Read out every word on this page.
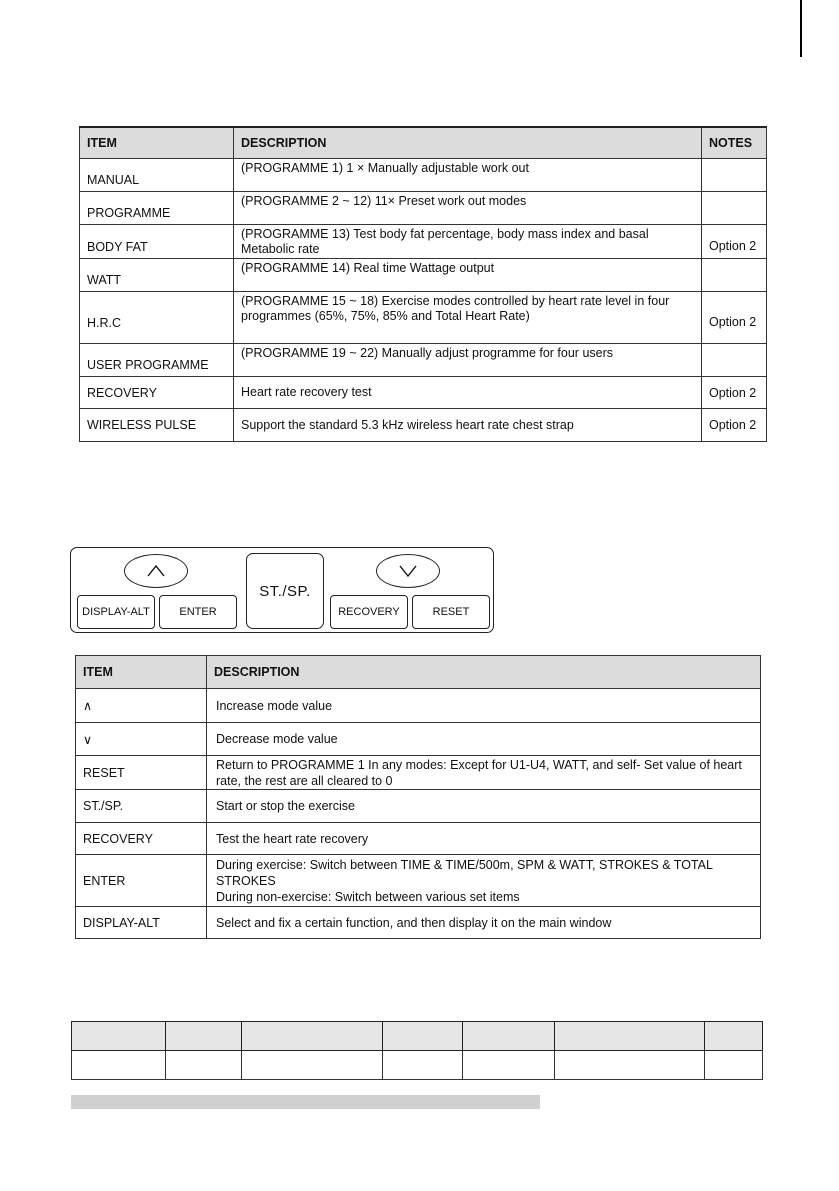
ITEM	DESCRIPTION	NOTES
MANUAL	(PROGRAMME 1) 1 × Manually adjustable work out	
PROGRAMME	(PROGRAMME 2 ~ 12) 11× Preset work out modes	
BODY FAT	(PROGRAMME 13) Test body fat percentage, body mass index and basal Metabolic rate	Option 2
WATT	(PROGRAMME 14) Real time Wattage output	
H.R.C	(PROGRAMME 15 ~ 18) Exercise modes controlled by heart rate level in four programmes (65%, 75%, 85% and Total Heart Rate)	Option 2
USER PROGRAMME	(PROGRAMME 19 ~ 22) Manually adjust programme for four users	
RECOVERY	Heart rate recovery test	Option 2
WIRELESS PULSE	Support the standard 5.3 kHz wireless heart rate chest strap	Option 2
DISPLAY-ALT	ENTER
ST./SP.
RECOVERY	RESET
ITEM	DESCRIPTION
∧	Increase mode value
∨	Decrease mode value
RESET	Return to PROGRAMME 1 In any modes: Except for U1-U4, WATT, and self- Set value of heart rate, the rest are all cleared to 0
ST./SP.	Start or stop the exercise
RECOVERY	Test the heart rate recovery
ENTER	During exercise: Switch between TIME & TIME/500m, SPM & WATT, STROKES & TOTAL STROKES
During non-exercise: Switch between various set items

DISPLAY-ALT	Select and fix a certain function, and then display it on the main window
